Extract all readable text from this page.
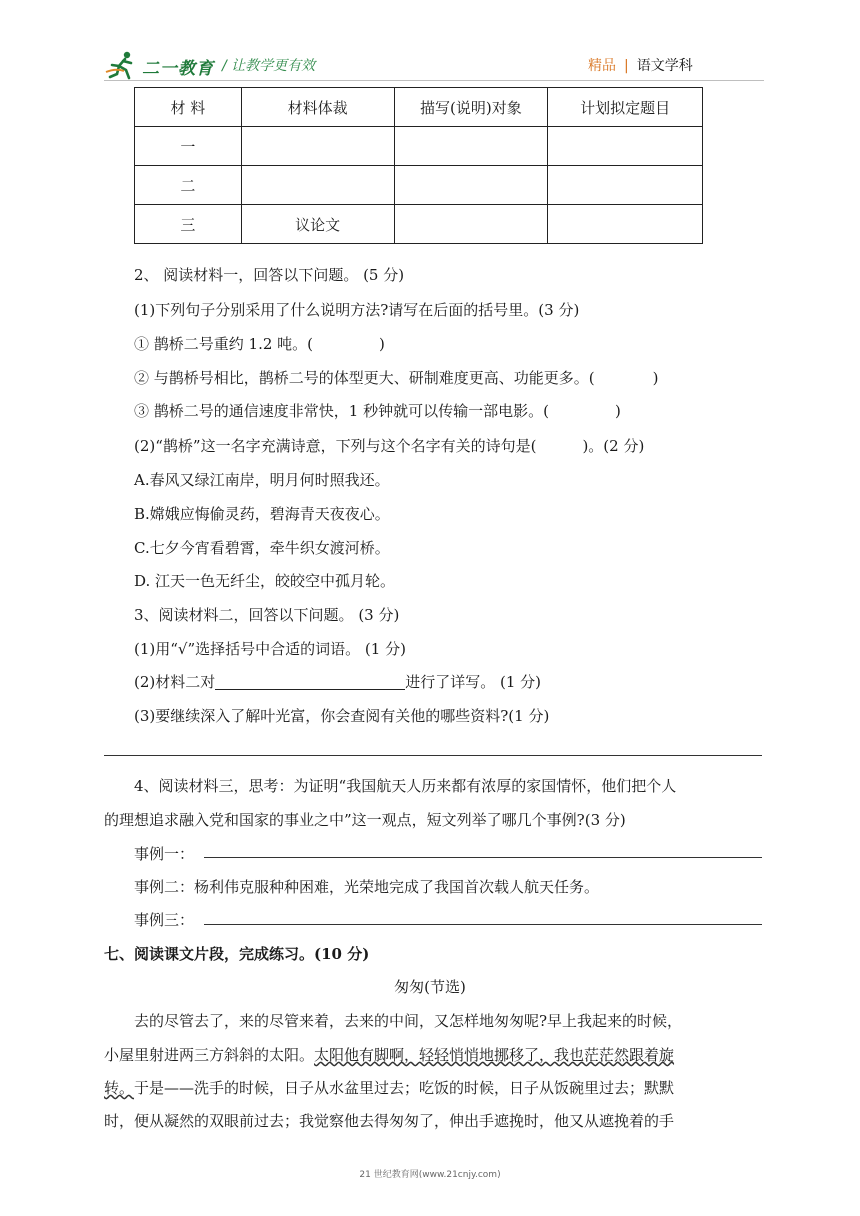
二一教育 / 让教学更有效	精品 | 语文学科
材 料	材料体裁	描写(说明)对象	计划拟定题目
一			
二			
三	议论文		
2、 阅读材料一，回答以下问题。 (5 分)
(1)下列句子分别采用了什么说明方法?请写在后面的括号里。(3 分)
① 鹊桥二号重约 1.2 吨。(	)
② 与鹊桥号相比，鹊桥二号的体型更大、研制难度更高、功能更多。(	)
③ 鹊桥二号的通信速度非常快，1 秒钟就可以传输一部电影。(	)
(2)“鹊桥”这一名字充满诗意，下列与这个名字有关的诗句是(	)。(2 分)
A.春风又绿江南岸，明月何时照我还。
B.嫦娥应悔偷灵药，碧海青天夜夜心。
C.七夕今宵看碧霄，牵牛织女渡河桥。
D. 江天一色无纤尘，皎皎空中孤月轮。
3、阅读材料二，回答以下问题。 (3 分)
(1)用“√”选择括号中合适的词语。 (1 分)
(2)材料二对	进行了详写。 (1 分)
(3)要继续深入了解叶光富，你会查阅有关他的哪些资料?(1 分)
4、阅读材料三，思考：为证明“我国航天人历来都有浓厚的家国情怀，他们把个人
的理想追求融入党和国家的事业之中”这一观点，短文列举了哪几个事例?(3 分)
事例一：
事例二：杨利伟克服种种困难，光荣地完成了我国首次载人航天任务。
事例三：
七、阅读课文片段，完成练习。(10 分)
匆匆(节选)
去的尽管去了，来的尽管来着，去来的中间，又怎样地匆匆呢?早上我起来的时候，
小屋里射进两三方斜斜的太阳。太阳他有脚啊，轻轻悄悄地挪移了，我也茫茫然跟着旋
转。于是——洗手的时候，日子从水盆里过去；吃饭的时候，日子从饭碗里过去；默默
时，便从凝然的双眼前过去；我觉察他去得匆匆了，伸出手遮挽时，他又从遮挽着的手
21 世纪教育网(www.21cnjy.com)
